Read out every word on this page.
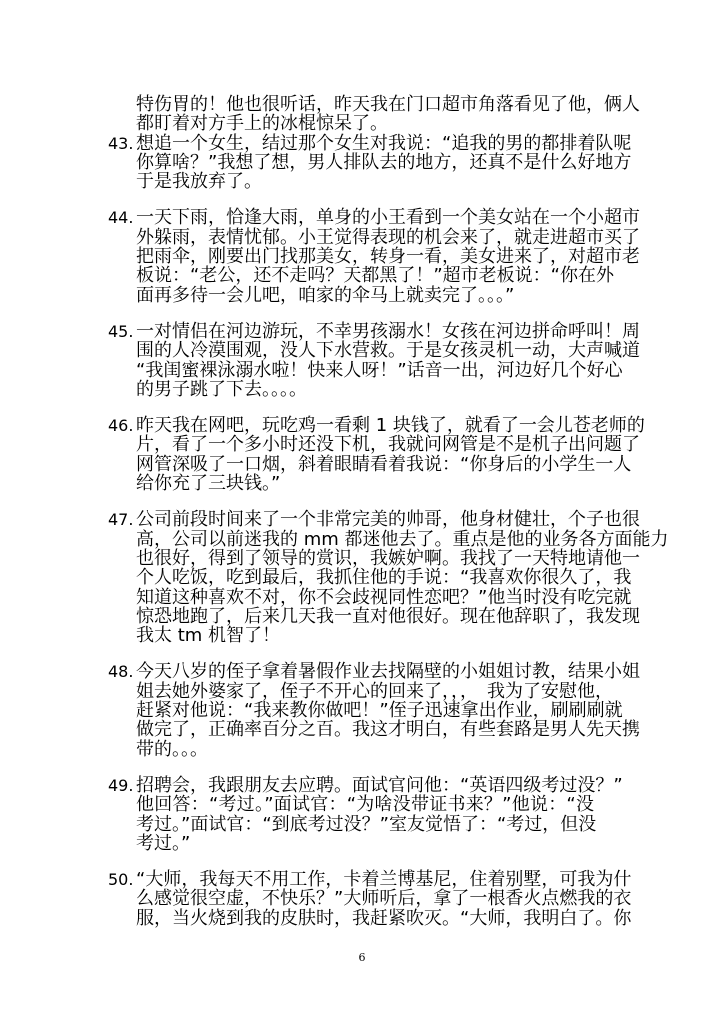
特伤胃的！他也很听话，昨天我在门口超市角落看见了他，俩人
都盯着对方手上的冰棍惊呆了。
43. 想追一个女生，结过那个女生对我说：“追我的男的都排着队呢
你算啥？”我想了想，男人排队去的地方，还真不是什么好地方
于是我放弃了。
44. 一天下雨，恰逢大雨，单身的小王看到一个美女站在一个小超市
外躲雨，表情忧郁。小王觉得表现的机会来了，就走进超市买了
把雨伞，刚要出门找那美女，转身一看，美女进来了，对超市老
板说：“老公，还不走吗？天都黑了！”超市老板说：“你在外
面再多待一会儿吧，咱家的伞马上就卖完了。。。”
45. 一对情侣在河边游玩，不幸男孩溺水！女孩在河边拼命呼叫！周
围的人冷漠围观，没人下水营救。于是女孩灵机一动，大声喊道
“我闺蜜裸泳溺水啦！快来人呀！”话音一出，河边好几个好心
的男子跳了下去。。。。
46. 昨天我在网吧，玩吃鸡一看剩 1 块钱了，就看了一会儿苍老师的
片，看了一个多小时还没下机，我就问网管是不是机子出问题了
网管深吸了一口烟，斜着眼睛看着我说：“你身后的小学生一人
给你充了三块钱。”
47. 公司前段时间来了一个非常完美的帅哥，他身材健壮，个子也很
高，公司以前迷我的 mm 都迷他去了。重点是他的业务各方面能力
也很好，得到了领导的赏识，我嫉妒啊。我找了一天特地请他一
个人吃饭，吃到最后，我抓住他的手说：“我喜欢你很久了，我
知道这种喜欢不对，你不会歧视同性恋吧？”他当时没有吃完就
惊恐地跑了，后来几天我一直对他很好。现在他辞职了，我发现
我太 tm 机智了！
48. 今天八岁的侄子拿着暑假作业去找隔壁的小姐姐讨教，结果小姐
姐去她外婆家了，侄子不开心的回来了，，，　我为了安慰他，
赶紧对他说：“我来教你做吧！”侄子迅速拿出作业，刷刷刷就
做完了，正确率百分之百。我这才明白，有些套路是男人先天携
带的。。。
49. 招聘会，我跟朋友去应聘。面试官问他：“英语四级考过没？”
他回答：“考过。”面试官：“为啥没带证书来？”他说：“没
考过。”面试官：“到底考过没？”室友觉悟了：“考过，但没
考过。”
50. “大师，我每天不用工作，卡着兰博基尼，住着别墅，可我为什
么感觉很空虚，不快乐？”大师听后，拿了一根香火点燃我的衣
服，当火烧到我的皮肤时，我赶紧吹灭。“大师，我明白了。你
6
